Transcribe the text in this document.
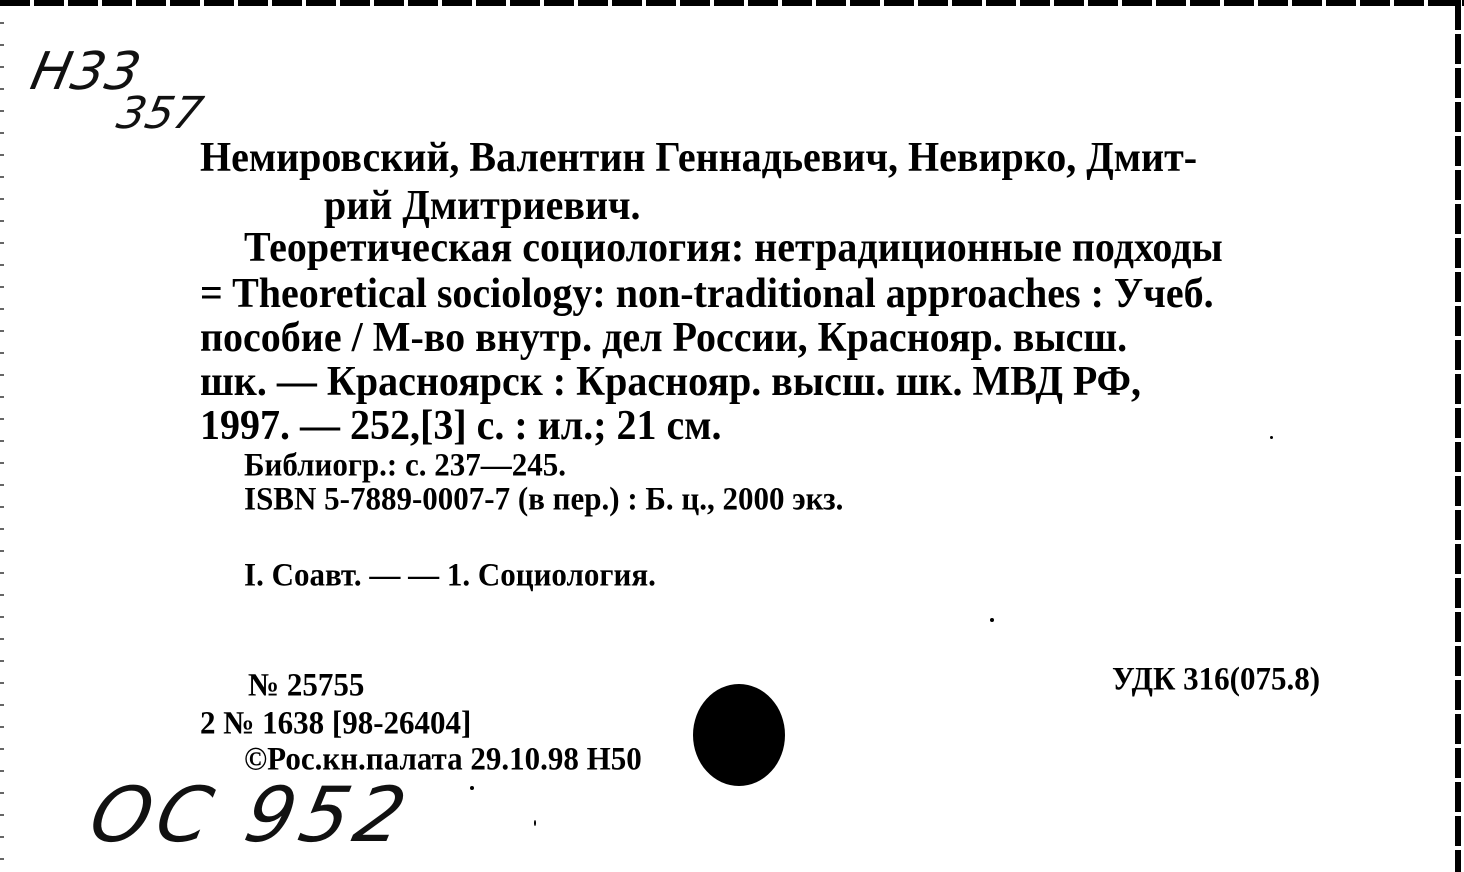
Н33
357
Немировский, Валентин Геннадьевич, Невирко, Дмит-
рий Дмитриевич.
Теоретическая социология: нетрадиционные подходы
= Theoretical sociology: non-traditional approaches : Учеб.
пособие / М-во внутр. дел России, Краснояр. высш.
шк. — Красноярск : Краснояр. высш. шк. МВД РФ,
1997. — 252,[3] с. : ил.; 21 см.
Библиогр.: с. 237—245.
ISBN 5-7889-0007-7 (в пер.) : Б. ц., 2000 экз.
I. Соавт. — — 1. Социология.
№ 25755
2 № 1638 [98-26404]
©Рос.кн.палата 29.10.98 Н50
УДК 316(075.8)
ОС 952
